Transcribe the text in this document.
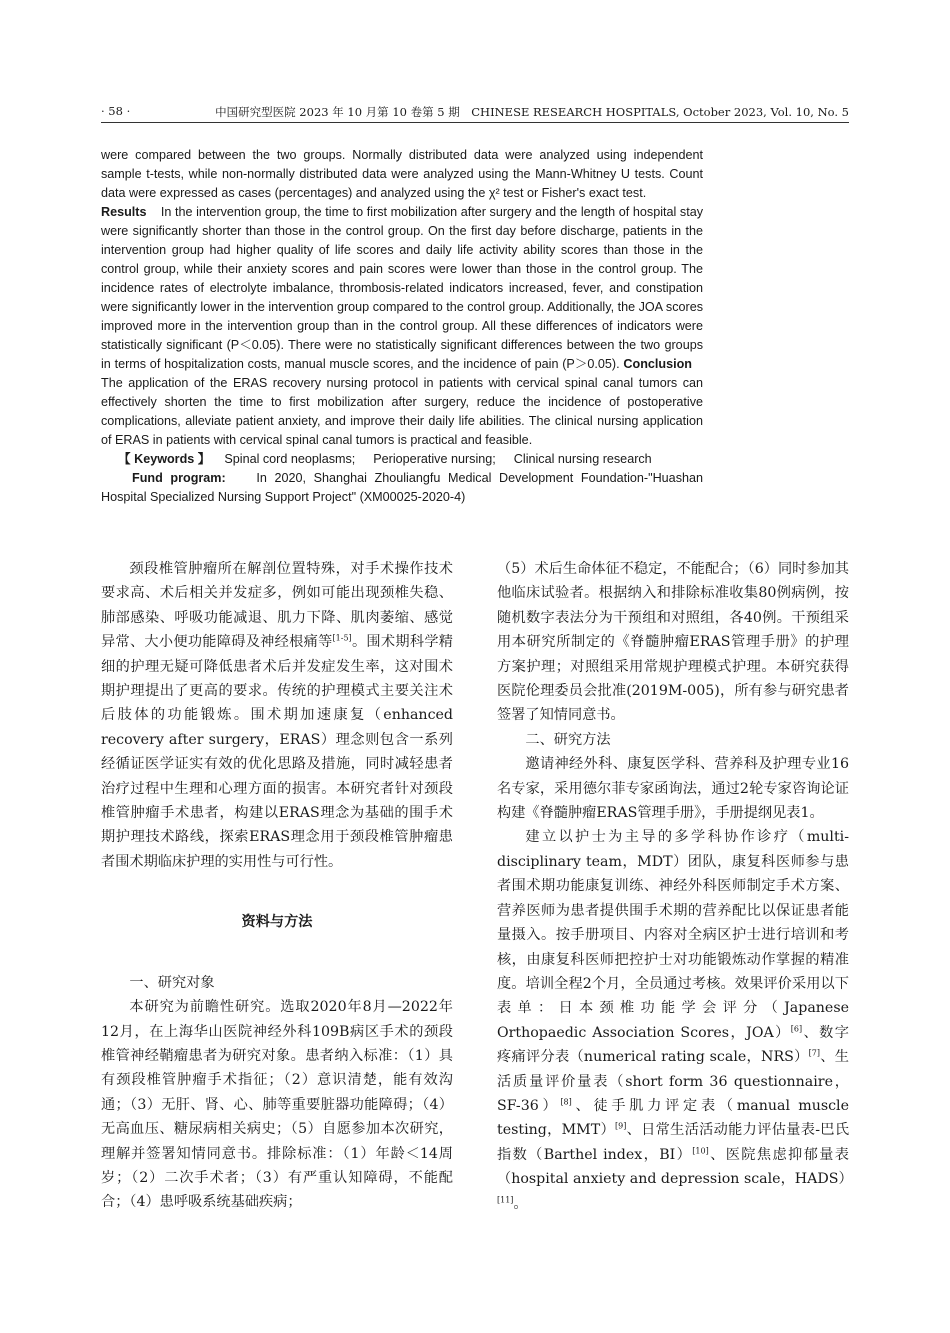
· 58 ·	中国研究型医院 2023 年 10 月第 10 卷第 5 期　CHINESE RESEARCH HOSPITALS, October 2023, Vol. 10, No. 5

were compared between the two groups. Normally distributed data were analyzed using independent sample t-tests, while non-normally distributed data were analyzed using the Mann-Whitney U tests. Count data were expressed as cases (percentages) and analyzed using the χ² test or Fisher's exact test.

Results In the intervention group, the time to first mobilization after surgery and the length of hospital stay were significantly shorter than those in the control group. On the first day before discharge, patients in the intervention group had higher quality of life scores and daily life activity ability scores than those in the control group, while their anxiety scores and pain scores were lower than those in the control group. The incidence rates of electrolyte imbalance, thrombosis-related indicators increased, fever, and constipation were significantly lower in the intervention group compared to the control group. Additionally, the JOA scores improved more in the intervention group than in the control group. All these differences of indicators were statistically significant (P＜0.05). There were no statistically significant differences between the two groups in terms of hospitalization costs, manual muscle scores, and the incidence of pain (P＞0.05). Conclusion    The application of the ERAS recovery nursing protocol in patients with cervical spinal canal tumors can effectively shorten the time to first mobilization after surgery, reduce the incidence of postoperative complications, alleviate patient anxiety, and improve their daily life abilities. The clinical nursing application of ERAS in patients with cervical spinal canal tumors is practical and feasible.

【 Keywords 】 Spinal cord neoplasms; Perioperative nursing; Clinical nursing research

Fund program: In 2020, Shanghai Zhouliangfu Medical Development Foundation-"Huashan Hospital Specialized Nursing Support Project" (XM00025-2020-4)

颈段椎管肿瘤所在解剖位置特殊，对手术操作技术要求高、术后相关并发症多，例如可能出现颈椎失稳、肺部感染、呼吸功能减退、肌力下降、肌肉萎缩、感觉异常、大小便功能障碍及神经根痛等[1-5]。围术期科学精细的护理无疑可降低患者术后并发症发生率，这对围术期护理提出了更高的要求。传统的护理模式主要关注术后肢体的功能锻炼。围术期加速康复（enhanced recovery after surgery，ERAS）理念则包含一系列经循证医学证实有效的优化思路及措施，同时减轻患者治疗过程中生理和心理方面的损害。本研究者针对颈段椎管肿瘤手术患者，构建以ERAS理念为基础的围手术期护理技术路线，探索ERAS理念用于颈段椎管肿瘤患者围术期临床护理的实用性与可行性。

资料与方法

一、研究对象

本研究为前瞻性研究。选取2020年8月—2022年12月，在上海华山医院神经外科109B病区手术的颈段椎管神经鞘瘤患者为研究对象。患者纳入标准：（1）具有颈段椎管肿瘤手术指征；（2）意识清楚，能有效沟通；（3）无肝、肾、心、肺等重要脏器功能障碍；（4）无高血压、糖尿病相关病史；（5）自愿参加本次研究，理解并签署知情同意书。排除标准：（1）年龄＜14周岁；（2）二次手术者；（3）有严重认知障碍，不能配合；（4）患呼吸系统基础疾病；

（5）术后生命体征不稳定，不能配合；（6）同时参加其他临床试验者。根据纳入和排除标准收集80例病例，按随机数字表法分为干预组和对照组，各40例。干预组采用本研究所制定的《脊髓肿瘤ERAS管理手册》的护理方案护理；对照组采用常规护理模式护理。本研究获得医院伦理委员会批准(2019M-005)，所有参与研究患者签署了知情同意书。

二、研究方法

邀请神经外科、康复医学科、营养科及护理专业16名专家，采用德尔菲专家函询法，通过2轮专家咨询论证构建《脊髓肿瘤ERAS管理手册》，手册提纲见表1。

建立以护士为主导的多学科协作诊疗（multi-disciplinary team，MDT）团队，康复科医师参与患者围术期功能康复训练、神经外科医师制定手术方案、营养医师为患者提供围手术期的营养配比以保证患者能量摄入。按手册项目、内容对全病区护士进行培训和考核，由康复科医师把控护士对功能锻炼动作掌握的精准度。培训全程2个月，全员通过考核。效果评价采用以下表单：日本颈椎功能学会评分（Japanese Orthopaedic Association Scores，JOA）[6]、数字疼痛评分表（numerical rating scale，NRS）[7]、生活质量评价量表（short form 36 questionnaire，SF-36）[8]、徒手肌力评定表（manual muscle testing，MMT）[9]、日常生活活动能力评估量表-巴氏指数（Barthel index，BI）[10]、医院焦虑抑郁量表（hospital anxiety and depression scale，HADS）[11]。
